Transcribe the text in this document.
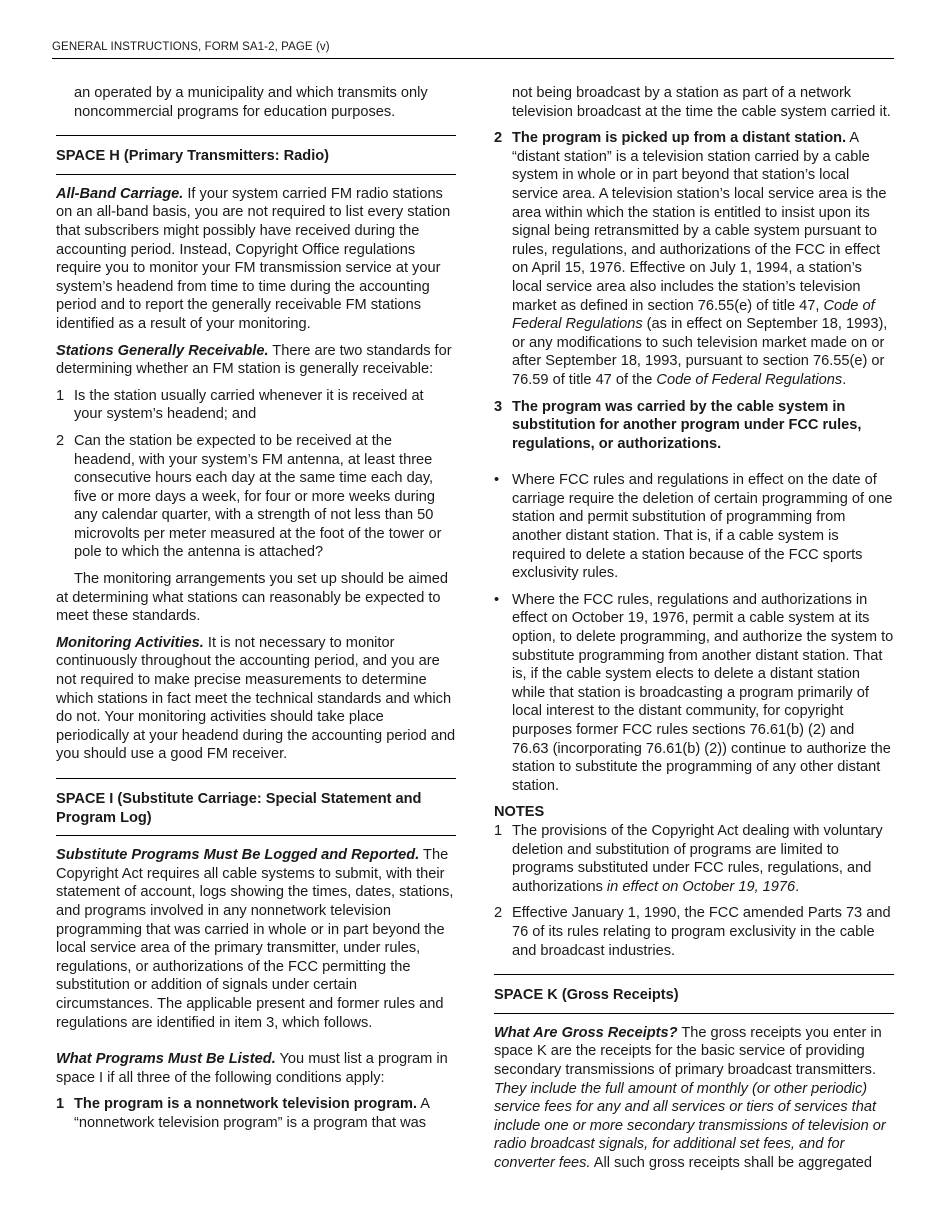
GENERAL INSTRUCTIONS, FORM SA1-2, PAGE (v)

an operated by a municipality and which transmits only noncommercial programs for education purposes.

SPACE H (Primary Transmitters: Radio)

All-Band Carriage. If your system carried FM radio stations on an all-band basis, you are not required to list every station that subscribers might possibly have received during the accounting period. Instead, Copyright Office regulations require you to monitor your FM transmission service at your system’s headend from time to time during the accounting period and to report the generally receivable FM stations identified as a result of your monitoring.

Stations Generally Receivable. There are two standards for determining whether an FM station is generally receivable:

1 Is the station usually carried whenever it is received at your system’s headend; and
2 Can the station be expected to be received at the headend, with your system’s FM antenna, at least three consecutive hours each day at the same time each day, five or more days a week, for four or more weeks during any calendar quarter, with a strength of not less than 50 microvolts per meter measured at the foot of the tower or pole to which the antenna is attached?

The monitoring arrangements you set up should be aimed at determining what stations can reasonably be expected to meet these standards.

Monitoring Activities. It is not necessary to monitor continuously throughout the accounting period, and you are not required to make precise measurements to determine which stations in fact meet the technical standards and which do not. Your monitoring activities should take place periodically at your headend during the accounting period and you should use a good FM receiver.

SPACE I (Substitute Carriage: Special Statement and Program Log)

Substitute Programs Must Be Logged and Reported. The Copyright Act requires all cable systems to submit, with their statement of account, logs showing the times, dates, stations, and programs involved in any nonnetwork television programming that was carried in whole or in part beyond the local service area of the primary transmitter, under rules, regulations, or authorizations of the FCC permitting the substitution or addition of signals under certain circumstances. The applicable present and former rules and regulations are identified in item 3, which follows.

What Programs Must Be Listed. You must list a program in space I if all three of the following conditions apply:

1 The program is a nonnetwork television program. A “nonnetwork television program” is a program that was

not being broadcast by a station as part of a network television broadcast at the time the cable system carried it.

2 The program is picked up from a distant station. A “distant station” is a television station carried by a cable system in whole or in part beyond that station’s local service area. A television station’s local service area is the area within which the station is entitled to insist upon its signal being retransmitted by a cable system pursuant to rules, regulations, and authorizations of the FCC in effect on April 15, 1976. Effective on July 1, 1994, a station’s local service area also includes the station’s television market as defined in section 76.55(e) of title 47, Code of Federal Regulations (as in effect on September 18, 1993), or any modifications to such television market made on or after September 18, 1993, pursuant to section 76.55(e) or 76.59 of title 47 of the Code of Federal Regulations.
3 The program was carried by the cable system in substitution for another program under FCC rules, regulations, or authorizations.
• Where FCC rules and regulations in effect on the date of carriage require the deletion of certain programming of one station and permit substitution of programming from another distant station. That is, if a cable system is required to delete a station because of the FCC sports exclusivity rules.
• Where the FCC rules, regulations and authorizations in effect on October 19, 1976, permit a cable system at its option, to delete programming, and authorize the system to substitute programming from another distant station. That is, if the cable system elects to delete a distant station while that station is broadcasting a program primarily of local interest to the distant community, for copyright purposes former FCC rules sections 76.61(b) (2) and 76.63 (incorporating 76.61(b) (2)) continue to authorize the station to substitute the programming of any other distant station.

NOTES

1 The provisions of the Copyright Act dealing with voluntary deletion and substitution of programs are limited to programs substituted under FCC rules, regulations, and authorizations in effect on October 19, 1976.
2 Effective January 1, 1990, the FCC amended Parts 73 and 76 of its rules relating to program exclusivity in the cable and broadcast industries.
SPACE K (Gross Receipts)

What Are Gross Receipts? The gross receipts you enter in space K are the receipts for the basic service of providing secondary transmissions of primary broadcast transmitters. They include the full amount of monthly (or other periodic) service fees for any and all services or tiers of services that include one or more secondary transmissions of television or radio broadcast signals, for additional set fees, and for converter fees. All such gross receipts shall be aggregated
